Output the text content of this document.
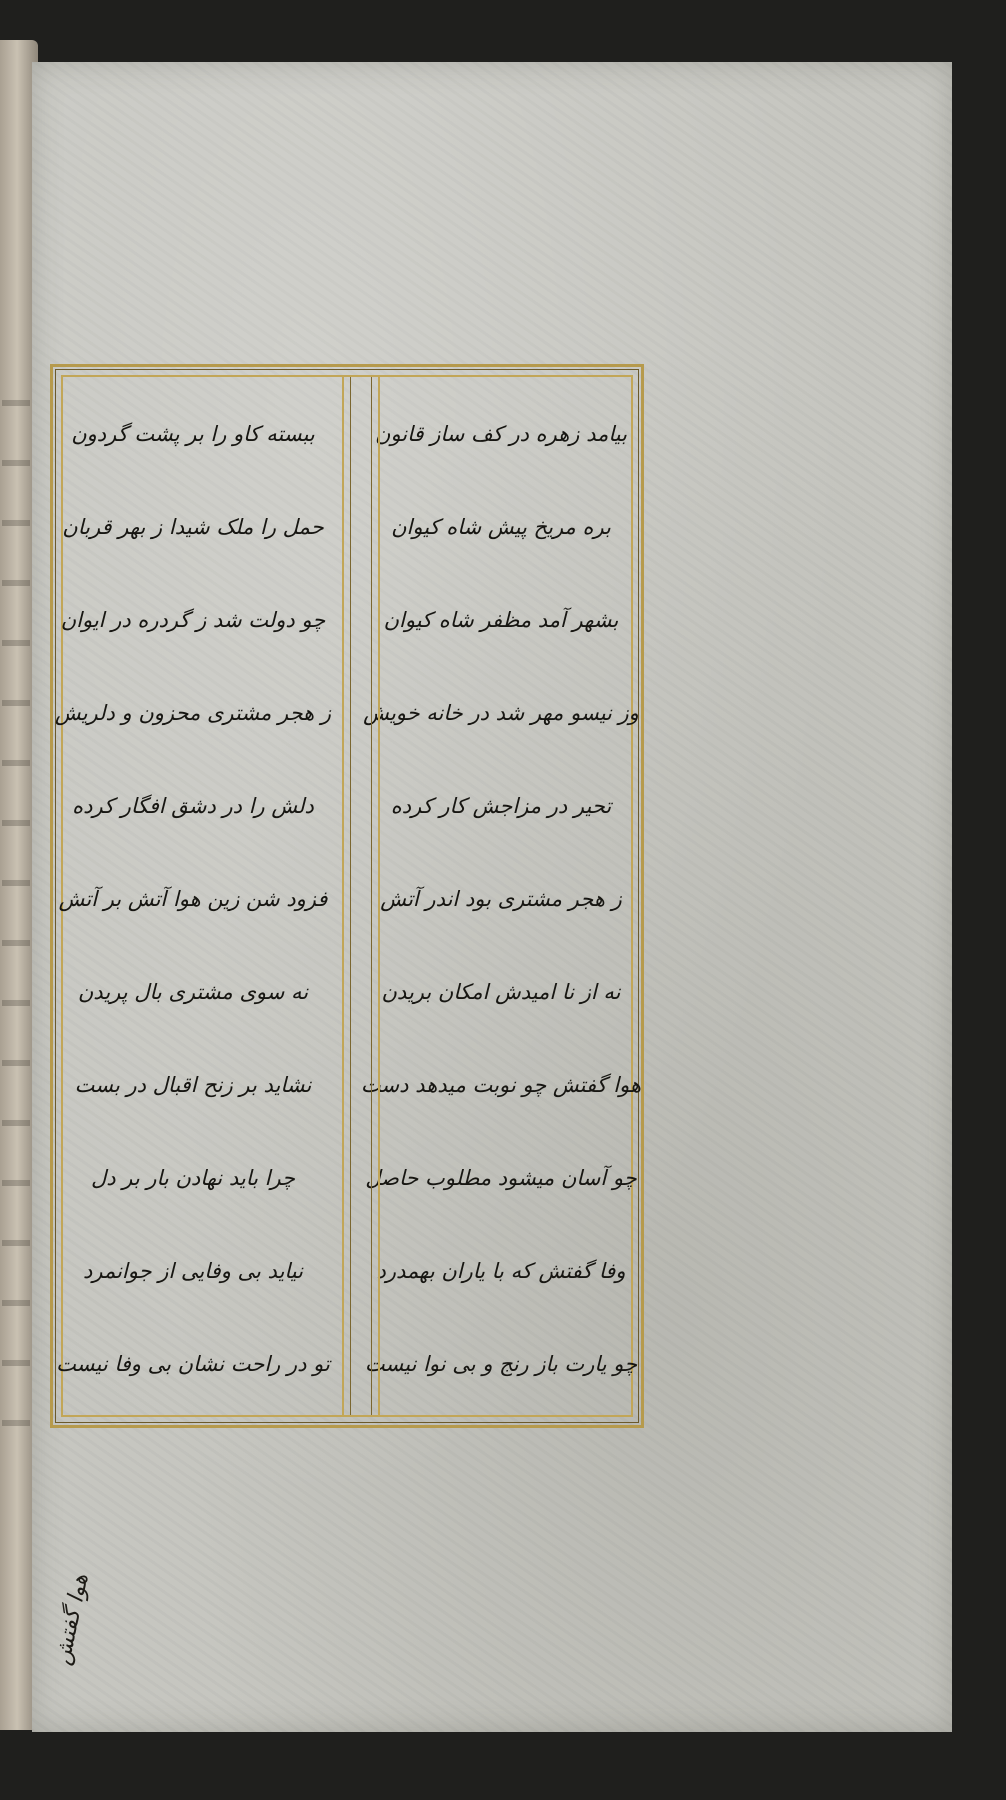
بیامد زهره در کف ساز قانون
بره مریخ پیش شاه کیوان
بشهر آمد مظفر شاه کیوان
وز نیسو مهر شد در خانه خویش
تحیر در مزاجش کار کرده
ز هجر مشتری بود اندر آتش
نه از نا امیدش امکان بریدن
هوا گفتش چو نوبت میدهد دست
چو آسان میشود مطلوب حاصل
وفا گفتش که با یاران بهمدرد
چو یارت باز رنج و بی نوا نیست
ببسته کاو را بر پشت گردون
حمل را ملک شیدا ز بهر قربان
چو دولت شد ز گردره در ایوان
ز هجر مشتری محزون و دلریش
دلش را در دشق افگار کرده
فزود شن زین هوا آتش بر آتش
نه سوی مشتری بال پریدن
نشاید بر زنح اقبال در بست
چرا باید نهادن بار بر دل
نیاید بی وفایی از جوانمرد
تو در راحت نشان بی وفا نیست
هوا گفتش
